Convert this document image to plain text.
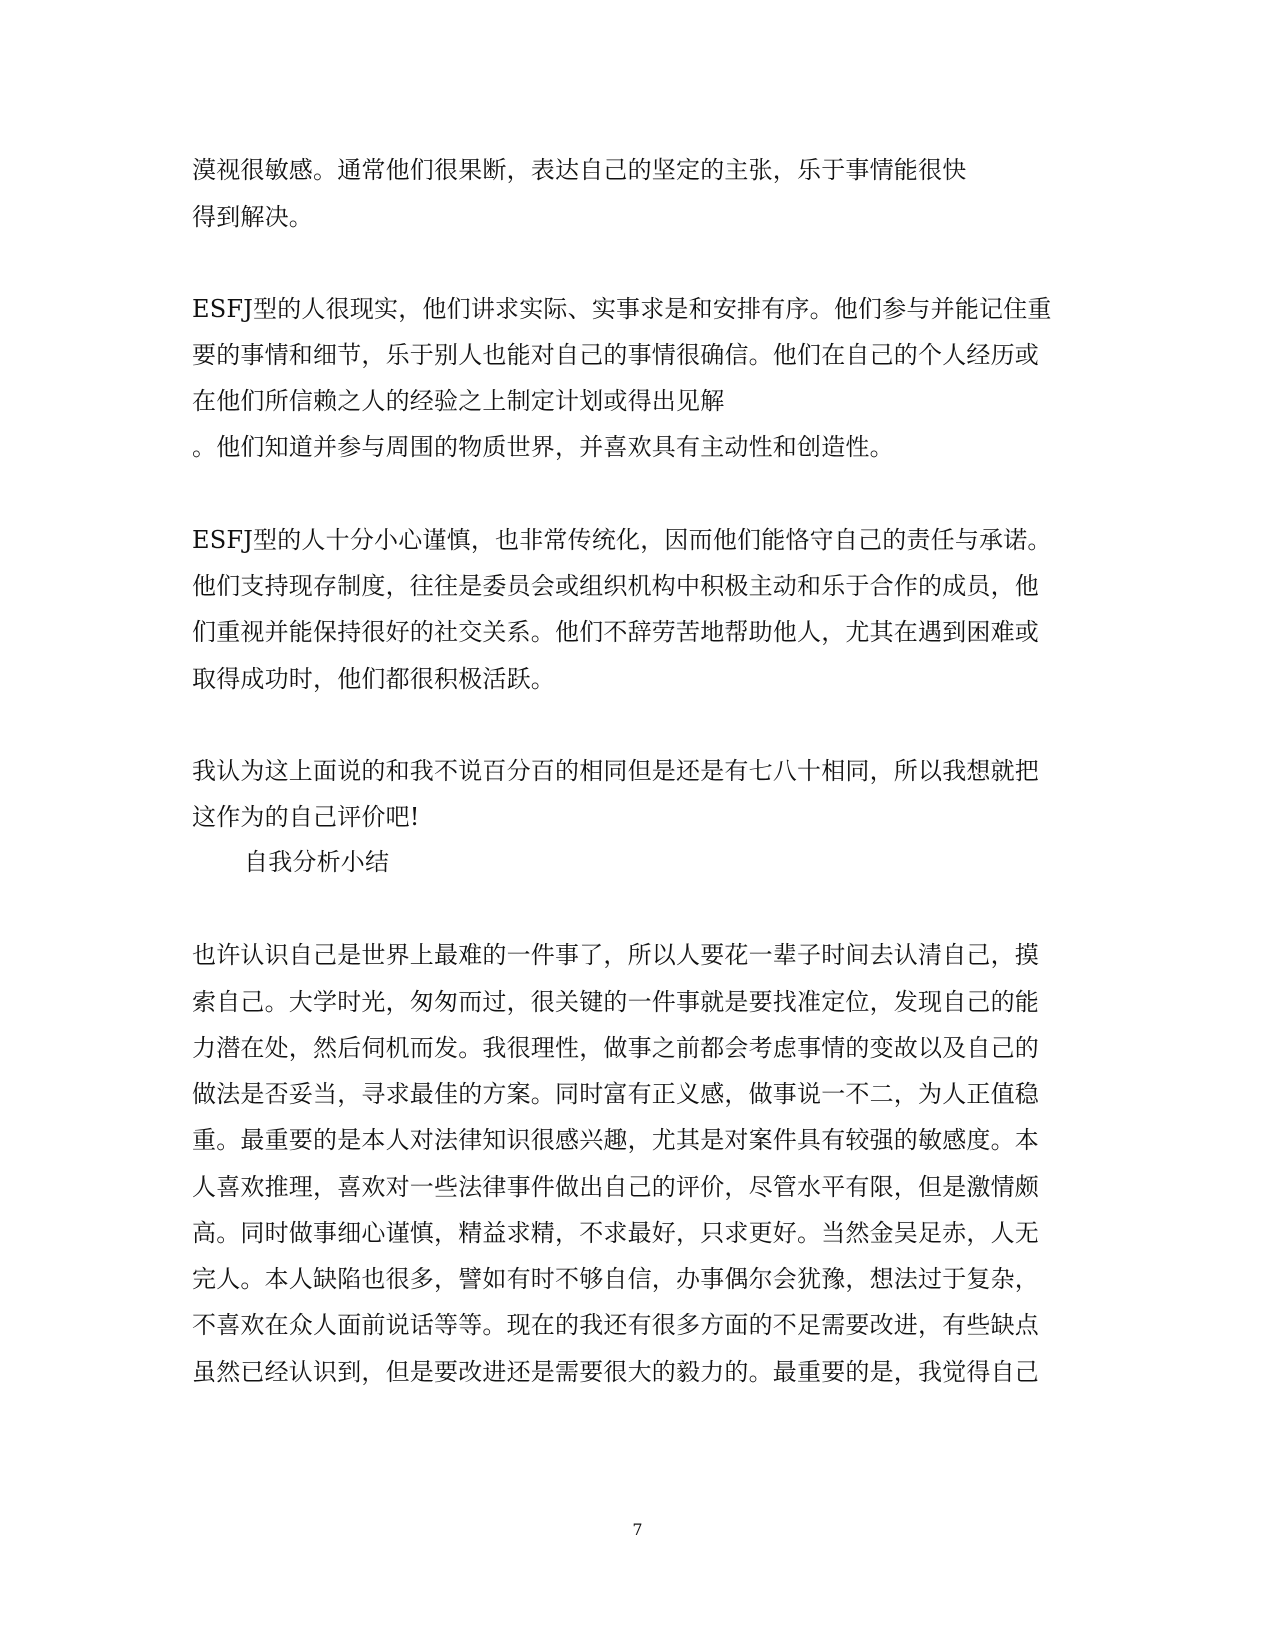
漠视很敏感。通常他们很果断，表达自己的坚定的主张，乐于事情能很快
得到解决。
ESFJ型的人很现实，他们讲求实际、实事求是和安排有序。他们参与并能记住重
要的事情和细节，乐于别人也能对自己的事情很确信。他们在自己的个人经历或
在他们所信赖之人的经验之上制定计划或得出见解
。他们知道并参与周围的物质世界，并喜欢具有主动性和创造性。
ESFJ型的人十分小心谨慎，也非常传统化，因而他们能恪守自己的责任与承诺。
他们支持现存制度，往往是委员会或组织机构中积极主动和乐于合作的成员，他
们重视并能保持很好的社交关系。他们不辞劳苦地帮助他人，尤其在遇到困难或
取得成功时，他们都很积极活跃。
我认为这上面说的和我不说百分百的相同但是还是有七八十相同，所以我想就把
这作为的自己评价吧!
自我分析小结
也许认识自己是世界上最难的一件事了，所以人要花一辈子时间去认清自己，摸
索自己。大学时光，匆匆而过，很关键的一件事就是要找准定位，发现自己的能
力潜在处，然后伺机而发。我很理性，做事之前都会考虑事情的变故以及自己的
做法是否妥当，寻求最佳的方案。同时富有正义感，做事说一不二，为人正值稳
重。最重要的是本人对法律知识很感兴趣，尤其是对案件具有较强的敏感度。本
人喜欢推理，喜欢对一些法律事件做出自己的评价，尽管水平有限，但是激情颇
高。同时做事细心谨慎，精益求精，不求最好，只求更好。当然金吴足赤，人无
完人。本人缺陷也很多，譬如有时不够自信，办事偶尔会犹豫，想法过于复杂，
不喜欢在众人面前说话等等。现在的我还有很多方面的不足需要改进，有些缺点
虽然已经认识到，但是要改进还是需要很大的毅力的。最重要的是，我觉得自己
7
